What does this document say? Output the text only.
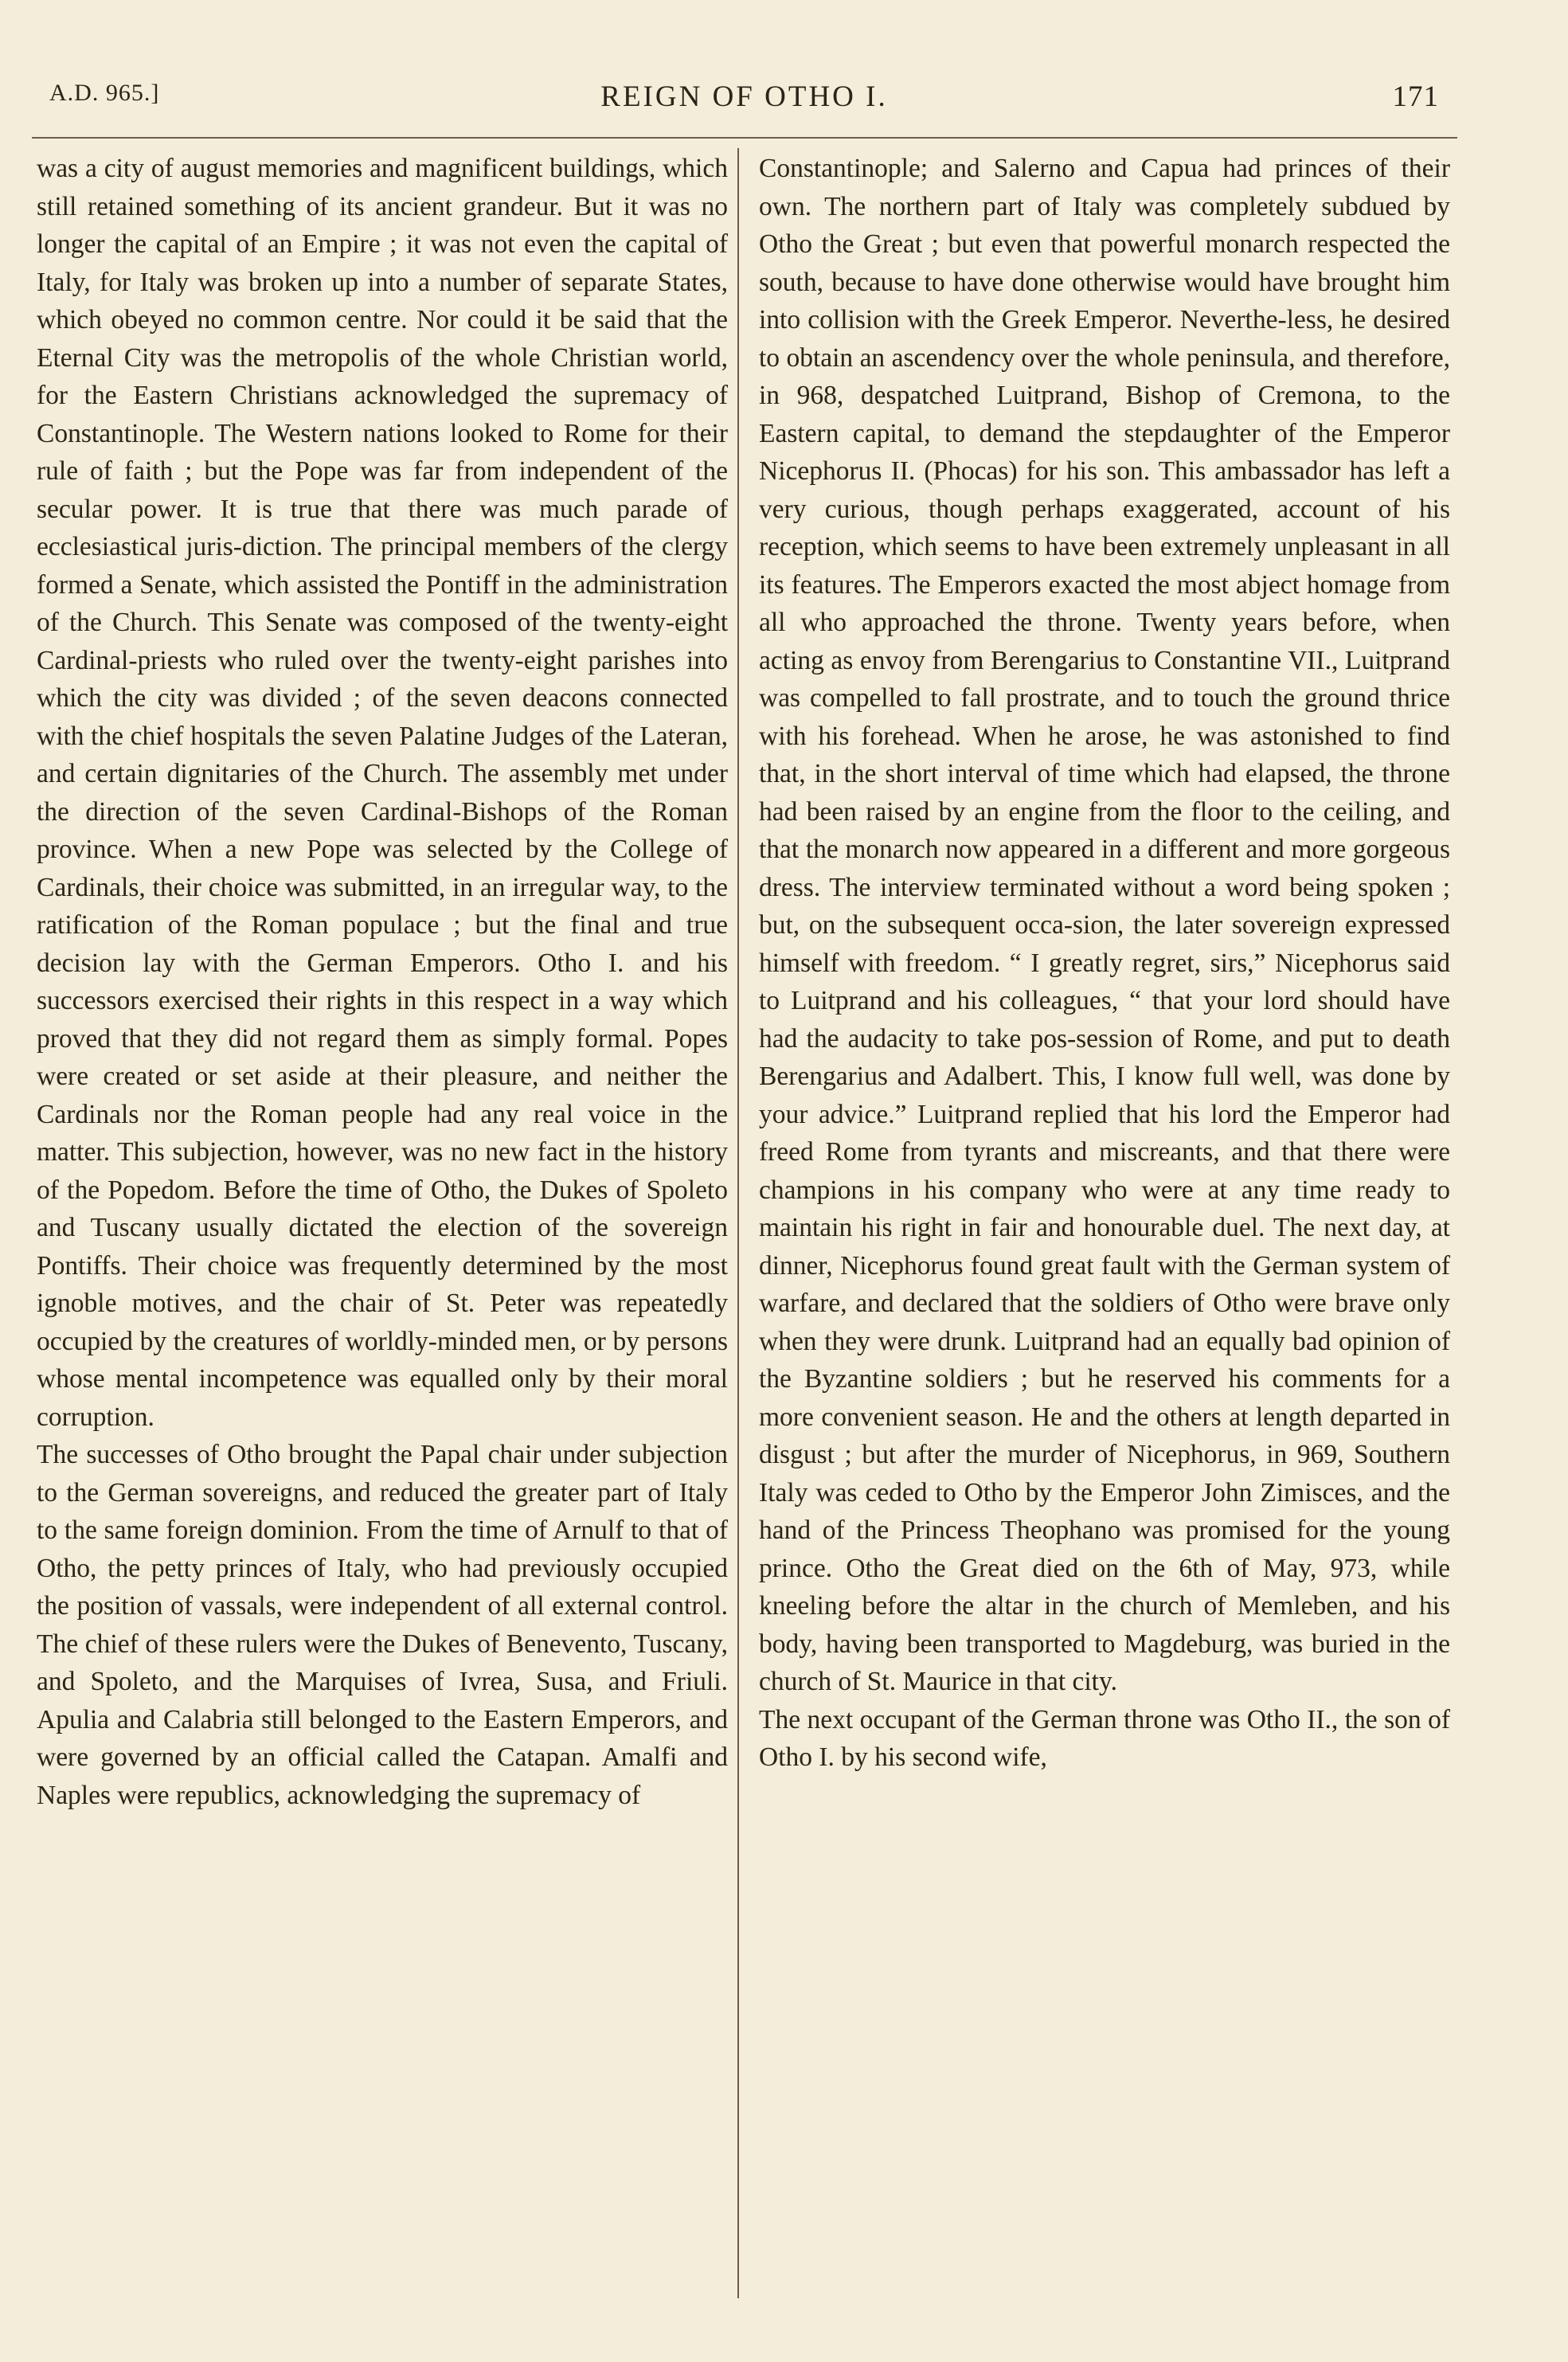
A.D. 965.]	REIGN OF OTHO I.	171

was a city of august memories and magnificent buildings, which still retained something of its ancient grandeur. But it was no longer the capital of an Empire ; it was not even the capital of Italy, for Italy was broken up into a number of separate States, which obeyed no common centre. Nor could it be said that the Eternal City was the metropolis of the whole Christian world, for the Eastern Christians acknowledged the supremacy of Constantinople. The Western nations looked to Rome for their rule of faith ; but the Pope was far from independent of the secular power. It is true that there was much parade of ecclesiastical juris-diction. The principal members of the clergy formed a Senate, which assisted the Pontiff in the administration of the Church. This Senate was composed of the twenty-eight Cardinal-priests who ruled over the twenty-eight parishes into which the city was divided ; of the seven deacons connected with the chief hospitals the seven Palatine Judges of the Lateran, and certain dignitaries of the Church. The assembly met under the direction of the seven Cardinal-Bishops of the Roman province. When a new Pope was selected by the College of Cardinals, their choice was submitted, in an irregular way, to the ratification of the Roman populace ; but the final and true decision lay with the German Emperors. Otho I. and his successors exercised their rights in this respect in a way which proved that they did not regard them as simply formal. Popes were created or set aside at their pleasure, and neither the Cardinals nor the Roman people had any real voice in the matter. This subjection, however, was no new fact in the history of the Popedom. Before the time of Otho, the Dukes of Spoleto and Tuscany usually dictated the election of the sovereign Pontiffs. Their choice was frequently determined by the most ignoble motives, and the chair of St. Peter was repeatedly occupied by the creatures of worldly-minded men, or by persons whose mental incompetence was equalled only by their moral corruption.

The successes of Otho brought the Papal chair under subjection to the German sovereigns, and reduced the greater part of Italy to the same foreign dominion. From the time of Arnulf to that of Otho, the petty princes of Italy, who had previously occupied the position of vassals, were independent of all external control. The chief of these rulers were the Dukes of Benevento, Tuscany, and Spoleto, and the Marquises of Ivrea, Susa, and Friuli. Apulia and Calabria still belonged to the Eastern Emperors, and were governed by an official called the Catapan. Amalfi and Naples were republics, acknowledging the supremacy of

Constantinople; and Salerno and Capua had princes of their own. The northern part of Italy was completely subdued by Otho the Great ; but even that powerful monarch respected the south, because to have done otherwise would have brought him into collision with the Greek Emperor. Neverthe-less, he desired to obtain an ascendency over the whole peninsula, and therefore, in 968, despatched Luitprand, Bishop of Cremona, to the Eastern capital, to demand the stepdaughter of the Emperor Nicephorus II. (Phocas) for his son. This ambassador has left a very curious, though perhaps exaggerated, account of his reception, which seems to have been extremely unpleasant in all its features. The Emperors exacted the most abject homage from all who approached the throne. Twenty years before, when acting as envoy from Berengarius to Constantine VII., Luitprand was compelled to fall prostrate, and to touch the ground thrice with his forehead. When he arose, he was astonished to find that, in the short interval of time which had elapsed, the throne had been raised by an engine from the floor to the ceiling, and that the monarch now appeared in a different and more gorgeous dress. The interview terminated without a word being spoken ; but, on the subsequent occa-sion, the later sovereign expressed himself with freedom. “ I greatly regret, sirs,” Nicephorus said to Luitprand and his colleagues, “ that your lord should have had the audacity to take pos-session of Rome, and put to death Berengarius and Adalbert. This, I know full well, was done by your advice.” Luitprand replied that his lord the Emperor had freed Rome from tyrants and miscreants, and that there were champions in his company who were at any time ready to maintain his right in fair and honourable duel. The next day, at dinner, Nicephorus found great fault with the German system of warfare, and declared that the soldiers of Otho were brave only when they were drunk. Luitprand had an equally bad opinion of the Byzantine soldiers ; but he reserved his comments for a more convenient season. He and the others at length departed in disgust ; but after the murder of Nicephorus, in 969, Southern Italy was ceded to Otho by the Emperor John Zimisces, and the hand of the Princess Theophano was promised for the young prince. Otho the Great died on the 6th of May, 973, while kneeling before the altar in the church of Memleben, and his body, having been transported to Magdeburg, was buried in the church of St. Maurice in that city.

The next occupant of the German throne was Otho II., the son of Otho I. by his second wife,
